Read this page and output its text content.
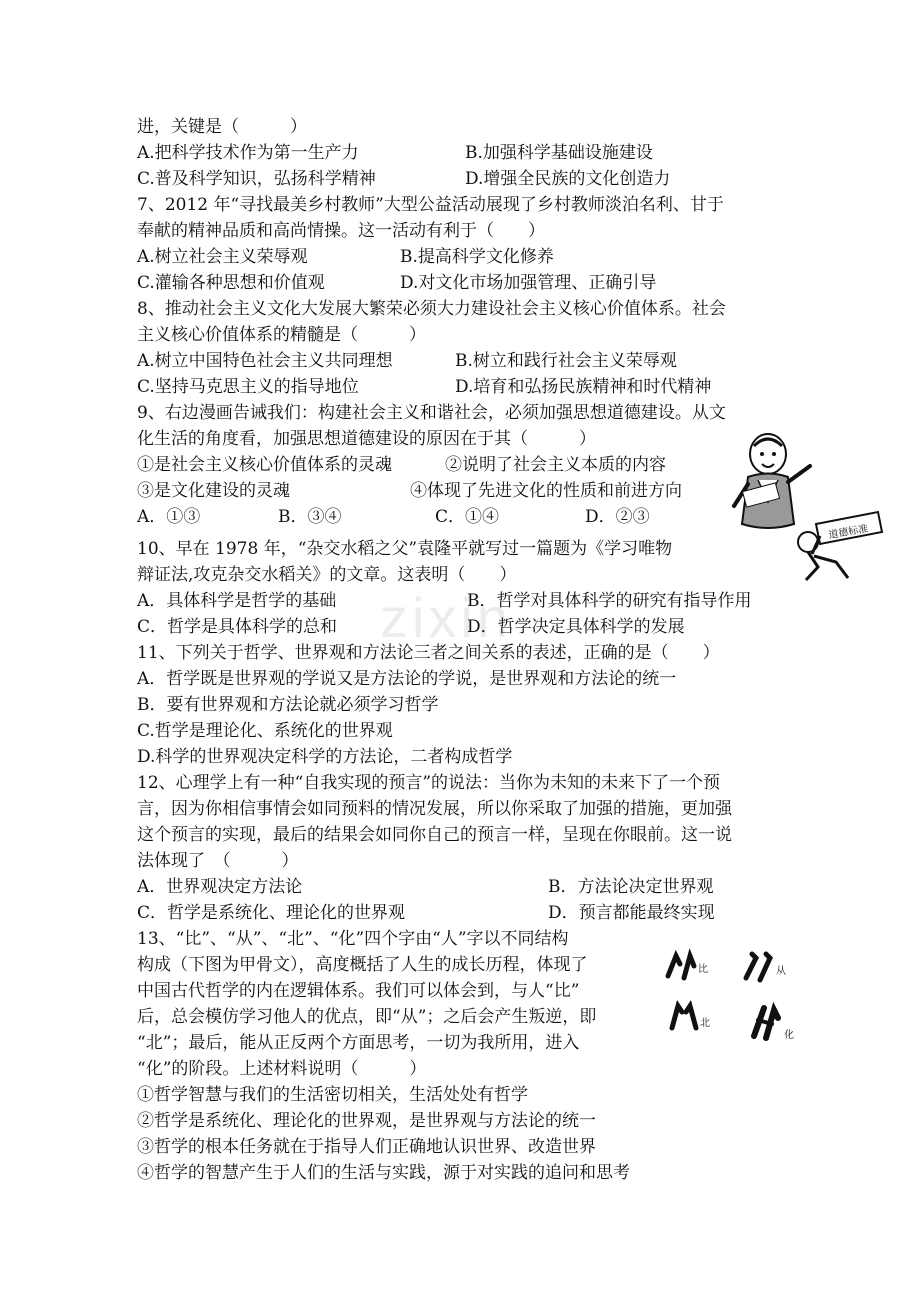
zixin
进，关键是（　　　）
A.把科学技术作为第一生产力	B.加强科学基础设施建设
C.普及科学知识，弘扬科学精神	D.增强全民族的文化创造力
7、2012 年“寻找最美乡村教师”大型公益活动展现了乡村教师淡泊名利、甘于
奉献的精神品质和高尚情操。这一活动有利于（　　）
A.树立社会主义荣辱观	B.提高科学文化修养
C.灌输各种思想和价值观	D.对文化市场加强管理、正确引导
8、推动社会主义文化大发展大繁荣必须大力建设社会主义核心价值体系。社会
主义核心价值体系的精髓是（　　　）
A.树立中国特色社会主义共同理想	B.树立和践行社会主义荣辱观
C.坚持马克思主义的指导地位	D.培育和弘扬民族精神和时代精神
9、右边漫画告诫我们：构建社会主义和谐社会，必须加强思想道德建设。从文
化生活的角度看，加强思想道德建设的原因在于其（　　　）
①是社会主义核心价值体系的灵魂	②说明了社会主义本质的内容
③是文化建设的灵魂	④体现了先进文化的性质和前进方向
A．①③	B．③④	C．①④	D．②③
道德标准
10、早在 1978 年，“杂交水稻之父”袁隆平就写过一篇题为《学习唯物
辩证法,攻克杂交水稻关》的文章。这表明（　　）
A．具体科学是哲学的基础	B．哲学对具体科学的研究有指导作用
C．哲学是具体科学的总和	D．哲学决定具体科学的发展
11、下列关于哲学、世界观和方法论三者之间关系的表述，正确的是（　　）
A．哲学既是世界观的学说又是方法论的学说，是世界观和方法论的统一
B．要有世界观和方法论就必须学习哲学
C.哲学是理论化、系统化的世界观
D.科学的世界观决定科学的方法论，二者构成哲学
12、心理学上有一种“自我实现的预言”的说法：当你为未知的未来下了一个预
言，因为你相信事情会如同预料的情况发展，所以你采取了加强的措施，更加强
这个预言的实现，最后的结果会如同你自己的预言一样，呈现在你眼前。这一说
法体现了　（　　　）
A．世界观决定方法论	B．方法论决定世界观
C．哲学是系统化、理论化的世界观	D．预言都能最终实现
13、“比”、“从”、“北”、“化”四个字由“人”字以不同结构
构成（下图为甲骨文），高度概括了人生的成长历程，体现了
中国古代哲学的内在逻辑体系。我们可以体会到，与人“比”
后，总会模仿学习他人的优点，即“从”；之后会产生叛逆，即
“北”；最后，能从正反两个方面思考，一切为我所用，进入
“化”的阶段。上述材料说明（　　　）
①哲学智慧与我们的生活密切相关，生活处处有哲学
②哲学是系统化、理论化的世界观，是世界观与方法论的统一
③哲学的根本任务就在于指导人们正确地认识世界、改造世界
④哲学的智慧产生于人们的生活与实践，源于对实践的追问和思考
比	从
北
化
